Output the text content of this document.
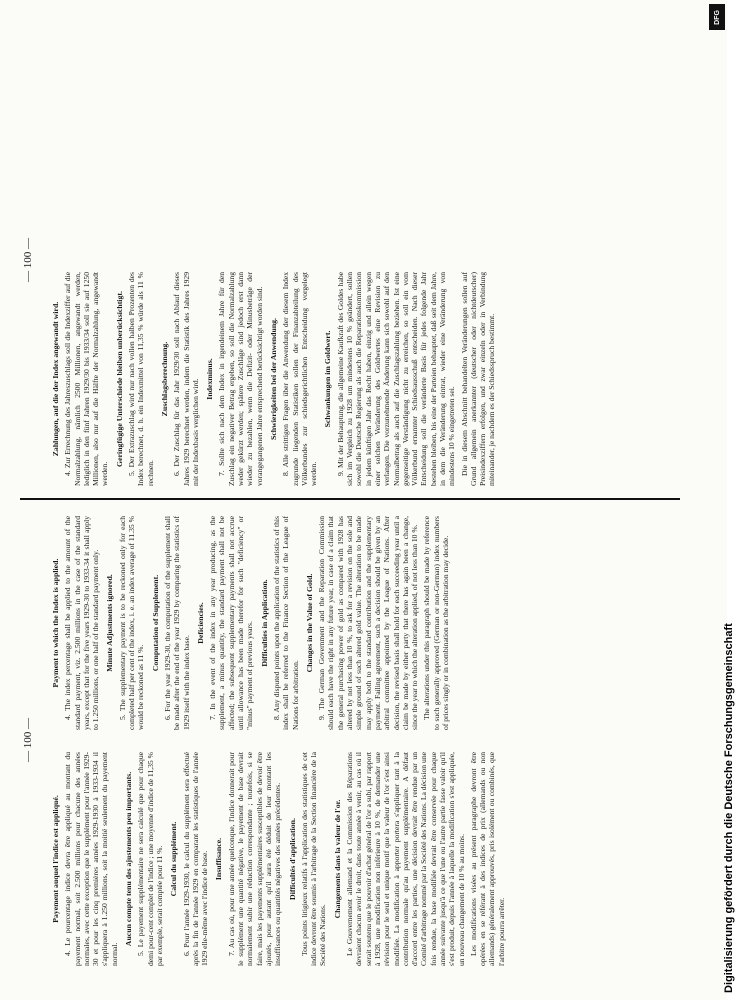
— 100 —
Payement auquel l'indice est appliqué. 4. Le pourcentage indice devra être appliqué au montant du payement normal, soit 2.500 millions pour chacune des années normales, avec cette exception que le supplément pour l'année 1929-30 et pour les cinq premières années 1929-1930 à 1933-1934 il s'appliquera à 1.250 millions, soit la moitié seulement du payement normal.

Aucun compte tenu des ajustements peu importants. 5. Le payement supplémentaire ne sera calculé que pour chaque demi pour-cent complet de l'indice ; une moyenne d'indice de 11,35 % par exemple, serait comptée pour 11 %. Calcul du supplément. 6. Pour l'année 1929-1930, le calcul du supplément sera effectué après la fin de l'année 1929 en comparant les statistiques de l'année 1929 elle-même avec l'indice de base. Insuffisance. 7. Au cas où, pour une année quelconque, l'indice donnerait pour le supplément une quantité négative, le payement de base devrait normalement subir une réduction correspondante ; toutefois, si se faire, mais les payements supplémentaires susceptibles de devoir être ajoutés, pour autant qu'il aura été déduit de leur montant les insuffisances ou quantités négatives des années précédentes. Difficultés d'application. Tous points litigieux relatifs à l'application des statistiques de cet indice devront être soumis à l'arbitrage de la Section financière de la Société des Nations.

Changements dans la valeur de l'or. Le Gouvernement allemand et la Commission des Réparations devraient chacun avoir le droit, dans toute année à venir, au cas où il serait soutenu que le pouvoir d'achat général de l'or a subi, par rapport à 1928, une modification non inférieure à 10 %, de demander une révision pour le seul et unique motif que la valeur de l'or s'est ainsi modifiée. La modification à apporter portera s'appliquer tant à la contribution normale qu'au payement supplémentaire. A défaut d'accord entre les parties, une décision devrait être rendue par un Comité d'arbitrage nommé par la Société des Nations. La décision une fois rendue, la base modifiée devrait être conservée pour chaque année suivante jusqu'à ce que l'une ou l'autre partie fasse valoir qu'il s'est produit, depuis l'année à laquelle la modification s'est appliquée, un nouveau changement de 10 % au moins. Les modifications visées au présent paragraphe devront être opérées en se référant à des indices de prix (allemands ou non allemands) généralement approuvés, pris isolément ou combinés, que l'arbitre pourra arrêter.

Payment to which the Index is applied. 4. The index percentage shall be applied to the amount of the standard payment, viz. 2.500 millions in the case of the standard years, except that for the five years 1929-30 to 1933-34 it shall apply to 1.250 millions, or one half of the standard payment only. Minute Adjustments ignored. 5. The supplementary payment is to be reckoned only for each completed half per cent of the index, i. e. an index average of 11.35 % would be reckoned as 11 %.

Computation of Supplement. 6. For the year 1929-30, the computation of the supplement shall be made after the end of the year 1929 by comparing the statistics of 1929 itself with the index base.

Deficiencies. 7. In the event of the index in any year producing, as the supplement, a minus quantity, the standard payment shall not be affected; the subsequent supplementary payments shall not accrue until allowance has been made therefor for such "deficiency" or "minus" payment of previous years. Difficulties in Application. 8. Any disputed points upon the application of the statistics of this index shall be referred to the Finance Section of the League of Nations for arbitration.

Changes in the Value of Gold. 9. The German Government and the Reparation Commission should each have the right in any future year, in case of a claim that the general purchasing power of gold as compared with 1928 has altered by not less than 10 %, to ask for a revision on the sole and simple ground of such altered gold value. The alteration to be made may apply both to the standard contribution and the supplementary payment. Failing agreement, such a decision should be given by an arbitral committee appointed by the League of Nations. After decision, the revised basis shall hold for each succeeding year until a claim be made by either party that there has again been a change, since the year to which the alteration applied, of not less than 10 %. The alterations under this paragraph should be made by reference to such generally approved (German or non-German) index numbers of prices singly or in combination as the arbitration may decide.

— 100 —
Zahlungen, auf die der Index angewandt wird. 4. Zur Errechnung des Jahreszuschlags soll die Indexziffer auf die Normalzahlung, nämlich 2500 Millionen, angewandt werden, lediglich in den fünf Jahren 1929/30 bis 1933/34 soll sie auf 1250 Millionen, also nur auf die Hälfte der Normalzahlung, angewandt werden.

Geringfügige Unterschiede bleiben unberücksichtigt. 5. Der Extrazuschlag wird nur nach vollen halben Prozenten des Index berechnet, d. h. ein Indexmittel von 11,35 % würde als 11 % rechnen.

Zuschlagsberechnung. 6. Der Zuschlag für das Jahr 1929/30 soll nach Ablauf dieses Jahres 1929 berechnet werden, indem die Statistik des Jahres 1929 mit der Indexbasis verglichen wird. Indexminus. 7. Sollte sich nach dem Index in irgendeinem Jahre für den Zuschlag ein negativer Betrag ergeben, so soll die Normalzahlung weder gekürzt werden; spätere Zuschläge sind jedoch erst dann wieder zu bezahlen, wenn die Defizit- oder Minusbeträge der vorangegangenen Jahre entsprechend berücksichtigt worden sind. Schwierigkeiten bei der Anwendung. 8. Alle strittigen Fragen über die Anwendung der diesem Index zugrunde liegenden Statistiken sollen der Finanzabteilung des Völkerbundes zur schiedsgerichtlichen Entscheidung vorgelegt werden.

Schwankungen im Goldwert. 9. Mit der Behauptung, die allgemeine Kaufkraft des Goldes habe sich im Vergleich zu 1928 um mindestens 10 % geändert, sollen sowohl die Deutsche Regierung als auch die Reparationskommission in jedem künftigen Jahr das Recht haben, einzig und allein wegen einer solchen Veränderung des Goldwertes eine Revision zu verlangen. Die vorzunehmende Änderung kann sich sowohl auf den Normalbetrag als auch auf die Zuschlagszahlung beziehen. Ist eine gegenseitige Verständigung nicht zu erreichen, so soll ein vom Völkerbund ernannter Schiedsausschuß entscheiden. Nach dieser Entscheidung soll die veränderte Basis für jedes folgende Jahr bestehen bleiben, bis eine der Parteien behauptet, daß seit dem Jahre, in dem die Veränderung eintrat, wieder eine Veränderung von mindestens 10 % eingetreten sei. Die in diesem Abschnitt behandelten Veränderungen sollen auf Grund allgemein anerkannter (deutscher oder nichtdeutscher) Preisindexziffern erfolgen, und zwar einzeln oder in Verbindung miteinander, je nachdem es der Schiedsspruch bestimmt.

Digitalisierung gefördert durch die Deutsche Forschungsgemeinschaft
DFG
